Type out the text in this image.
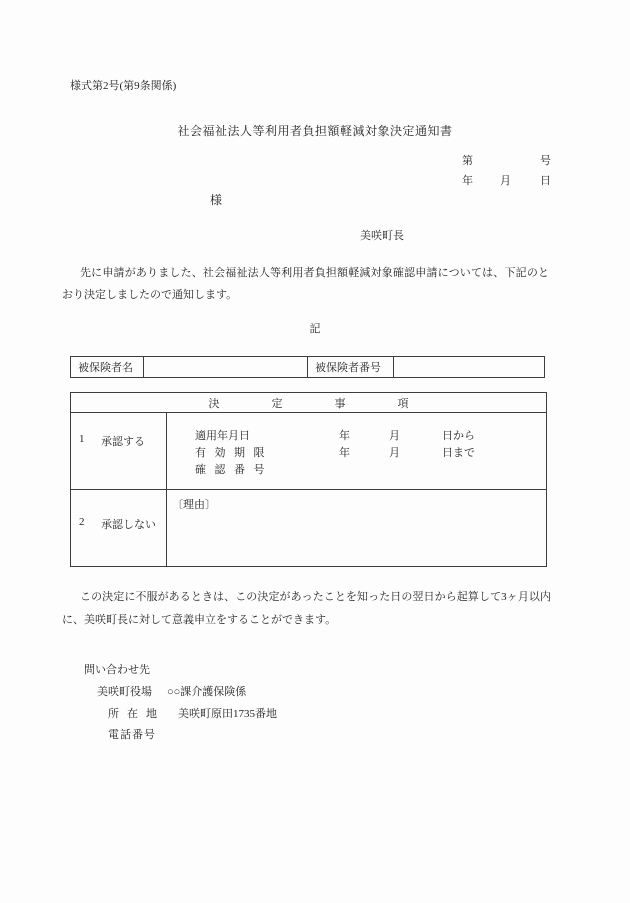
様式第2号(第9条関係)
社会福祉法人等利用者負担額軽減対象決定通知書
第	号
年 月	日
様
美咲町長
先に申請がありました、社会福祉法人等利用者負担額軽減対象確認申請については、下記のとおり決定しましたので通知します。
記
被保険者名	被保険者番号
決定事項
1 承認する	適用年月日	年	月	日から
有効期限	年	月	日まで
確認番号
2 承認しない
〔理由〕
この決定に不服があるときは、この決定があったことを知った日の翌日から起算して3ヶ月以内に、美咲町長に対して意義申立をすることができます。
問い合わせ先
美咲町役場 ○○課介護保険係
所在地 美咲町原田1735番地
電話番号
